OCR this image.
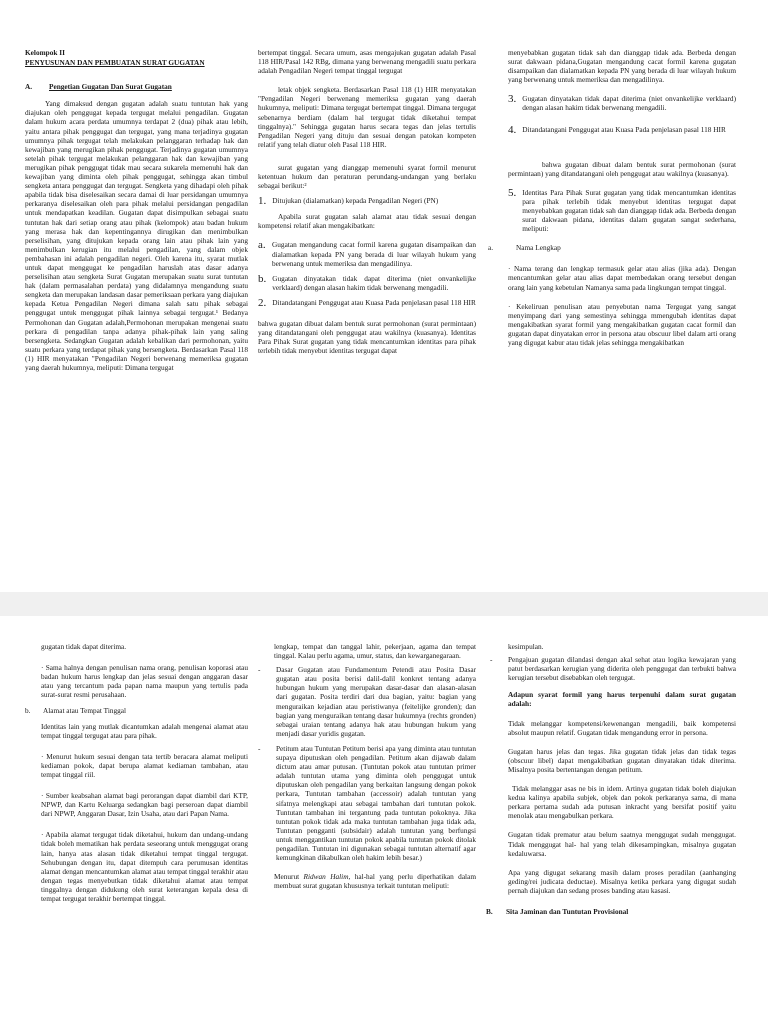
Kelompok II
PENYUSUNAN DAN PEMBUATAN SURAT GUGATAN
A. Pengetian Gugatan Dan Surat Gugatan

Yang dimaksud dengan gugatan adalah suatu tuntutan hak yang diajukan oleh penggugat kepada tergugat melalui pengadilan. Gugatan dalam hukum acara perdata umumnya terdapat 2 (dua) pihak atau lebih, yaitu antara pihak penggugat dan tergugat, yang mana terjadinya gugatan umumnya pihak tergugat telah melakukan pelanggaran terhadap hak dan kewajiban yang merugikan pihak penggugat. Terjadinya gugatan umumnya setelah pihak tergugat melakukan pelanggaran hak dan kewajiban yang merugikan pihak penggugat tidak mau secara sukarela memenuhi hak dan kewajiban yang diminta oleh pihak penggugat, sehingga akan timbul sengketa antara penggugat dan tergugat. Sengketa yang dihadapi oleh pihak apabila tidak bisa diselesaikan secara damai di luar persidangan umumnya perkaranya diselesaikan oleh para pihak melalui persidangan pengadilan untuk mendapatkan keadilan. Gugatan dapat disimpulkan sebagai suatu tuntutan hak dari setiap orang atau pihak (kelompok) atau badan hukum yang merasa hak dan kepentingannya dirugikan dan menimbulkan perselisihan, yang ditujukan kepada orang lain atau pihak lain yang menimbulkan kerugian itu melalui pengadilan, yang dalam objek pembahasan ini adalah pengadilan negeri. Oleh karena itu, syarat mutlak untuk dapat menggugat ke pengadilan haruslah atas dasar adanya perselisihan atau sengketa Surat Gugatan merupakan suatu surat tuntutan hak (dalam permasalahan perdata) yang didalamnya mengandung suatu sengketa dan merupakan landasan dasar pemeriksaan perkara yang diajukan kepada Ketua Pengadilan Negeri dimana salah satu pihak sebagai penggugat untuk menggugat pihak lainnya sebagai tergugat.¹ Bedanya Permohonan dan Gugatan adalah,Permohonan merupakan mengenai suatu perkara di pengadilan tanpa adanya pihak-pihak lain yang saling bersengketa. Sedangkan Gugatan adalah kebalikan dari permohonan, yaitu suatu perkara yang terdapat pihak yang bersengketa. Berdasarkan Pasal 118 (1) HIR menyatakan "Pengadilan Negeri berwenang memeriksa gugatan yang daerah hukumnya, meliputi: Dimana tergugat

bertempat tinggal. Secara umum, asas mengajukan gugatan adalah Pasal 118 HIR/Pasal 142 RBg, dimana yang berwenang mengadili suatu perkara adalah Pengadilan Negeri tempat tinggal tergugat

letak objek sengketa. Berdasarkan Pasal 118 (1) HIR menyatakan "Pengadilan Negeri berwenang memeriksa gugatan yang daerah hukumnya, meliputi: Dimana tergugat bertempat tinggal. Dimana tergugat sebenarnya berdiam (dalam hal tergugat tidak diketahui tempat tinggalnya)." Sehingga gugatan harus secara tegas dan jelas tertulis Pengadilan Negeri yang dituju dan sesuai dengan patokan kompeten relatif yang telah diatur oleh Pasal 118 HIR.

surat gugatan yang dianggap memenuhi syarat formil menurut ketentuan hukum dan peraturan perundang-undangan yang berlaku sebagai berikut:²

1. Ditujukan (dialamatkan) kepada Pengadilan Negeri (PN)

Apabila surat gugatan salah alamat atau tidak sesuai dengan kompetensi relatif akan mengakibatkan:

a. Gugatan mengandung cacat formil karena gugatan disampaikan dan dialamatkan kepada PN yang berada di luar wilayah hukum yang berwenang untuk memeriksa dan mengadilinya.
b. Gugatan dinyatakan tidak dapat diterima (niet onvankelijke verklaard) dengan alasan hakim tidak berwenang mengadili.
2. Ditandatangani Penggugat atau Kuasa Pada penjelasan pasal 118 HIR

bahwa gugatan dibuat dalam bentuk surat permohonan (surat permintaan) yang ditandatangani oleh penggugat atau wakilnya (kuasanya). Identitas Para Pihak Surat gugatan yang tidak mencantumkan identitas para pihak terlebih tidak menyebut identitas tergugat dapat

menyebabkan gugatan tidak sah dan dianggap tidak ada. Berbeda dengan surat dakwaan pidana,Gugatan mengandung cacat formil karena gugatan disampaikan dan dialamatkan kepada PN yang berada di luar wilayah hukum yang berwenang untuk memeriksa dan mengadilinya.

3. Gugatan dinyatakan tidak dapat diterima (niet onvankelijke verklaard) dengan alasan hakim tidak berwenang mengadili.
4. Ditandatangani Penggugat atau Kuasa Pada penjelasan pasal 118 HIR

bahwa gugatan dibuat dalam bentuk surat permohonan (surat permintaan) yang ditandatangani oleh penggugat atau wakilnya (kuasanya).

5. Identitas Para Pihak Surat gugatan yang tidak mencantumkan identitas para pihak terlebih tidak menyebut identitas tergugat dapat menyebabkan gugatan tidak sah dan dianggap tidak ada. Berbeda dengan surat dakwaan pidana, identitas dalam gugatan sangat sederhana, meliputi:
a.	Nama Lengkap

· Nama terang dan lengkap termasuk gelar atau alias (jika ada). Dengan mencantumkan gelar atau alias dapat membedakan orang tersebut dengan orang lain yang kebetulan Namanya sama pada lingkungan tempat tinggal.

· Kekeliruan penulisan atau penyebutan nama Tergugat yang sangat menyimpang dari yang semestinya sehingga mmengubah identitas dapat mengakibatkan syarat formil yang mengakibatkan gugatan cacat formil dan gugatan dapat dinyatakan error in persona atau obscuur libel dalam arti orang yang digugat kabur atau tidak jelas sehingga mengakibatkan

gugatan tidak dapat diterima.

· Sama halnya dengan penulisan nama orang, penulisan koporasi atau badan hukum harus lengkap dan jelas sesuai dengan anggaran dasar atau yang tercantum pada papan nama maupun yang tertulis pada surat-surat resmi perusahaan.

b.	Alamat atau Tempat Tinggal

Identitas lain yang mutlak dicantumkan adalah mengenai alamat atau tempat tinggal tergugat atau para pihak.

· Menurut hukum sesuai dengan tata tertib beracara alamat meliputi kediaman pokok, dapat berupa alamat kediaman tambahan, atau tempat tinggal riil.

· Sumber keabsahan alamat bagi perorangan dapat diambil dari KTP, NPWP, dan Kartu Keluarga sedangkan bagi perseroan dapat diambil dari NPWP, Anggaran Dasar, Izin Usaha, atau dari Papan Nama.

· Apabila alamat tergugat tidak diketahui, hukum dan undang-undang tidak boleh mematikan hak perdata seseorang untuk menggugat orang lain, hanya atas alasan tidak diketahui tempat tinggal tergugat. Sehubungan dengan itu, dapat ditempuh cara perumusan identitas alamat dengan mencantumkan alamat atau tempat tinggal terakhir atau dengan tegas menyebutkan tidak diketahui alamat atau tempat tinggalnya dengan didukung oleh surat keterangan kepala desa di tempat tergugat terakhir bertempat tinggal.

lengkap, tempat dan tanggal lahir, pekerjaan, agama dan tempat tinggal. Kalau perlu agama, umur, status, dan kewarganegaraan.

-	Dasar Gugatan atau Fundamentum Petendi atau Posita Dasar gugatan atau posita berisi dalil-dalil konkret tentang adanya hubungan hukum yang merupakan dasar-dasar dan alasan-alasan dari gugatan. Posita terdiri dari dua bagian, yaitu: bagian yang menguraikan kejadian atau peristiwanya (feitelijke gronden); dan bagian yang menguraikan tentang dasar hukumnya (rechts gronden) sebagai uraian tentang adanya hak atau hubungan hukum yang menjadi dasar yuridis gugatan.
-	Petitum atau Tuntutan Petitum berisi apa yang diminta atau tuntutan supaya diputuskan oleh pengadilan. Petitum akan dijawab dalam dictum atau amar putusan. (Tuntutan pokok atau tuntutan primer adalah tuntutan utama yang diminta oleh penggugat untuk diputuskan oleh pengadilan yang berkaitan langsung dengan pokok perkara, Tuntutan tambahan (accessoir) adalah tuntutan yang sifatnya melengkapi atau sebagai tambahan dari tuntutan pokok. Tuntutan tambahan ini tergantung pada tuntutan pokoknya. Jika tuntutan pokok tidak ada maka tuntutan tambahan juga tidak ada, Tuntutan pengganti (subsidair) adalah tuntutan yang berfungsi untuk menggantikan tuntutan pokok apabila tuntutan pokok ditolak pengadilan. Tuntutan ini digunakan sebagai tuntutan alternatif agar kemungkinan dikabulkan oleh hakim lebih besar.)

Menurut Ridwan Halim, hal-hal yang perlu diperhatikan dalam membuat surat gugatan khususnya terkait tuntutan meliputi:

kesimpulan.

-	Pengajuan gugatan dilandasi dengan akal sehat atau logika kewajaran yang patut berdasarkan kerugian yang diderita oleh penggugat dan terbukti bahwa kerugian tersebut disebabkan oleh tergugat.

Adapun syarat formil yang harus terpenuhi dalam surat gugatan adalah:

Tidak melanggar kompetensi/kewenangan mengadili, baik kompetensi absolut maupun relatif. Gugatan tidak mengandung error in persona.

Gugatan harus jelas dan tegas. Jika gugatan tidak jelas dan tidak tegas (obscuur libel) dapat mengakibatkan gugatan dinyatakan tidak diterima. Misalnya posita bertentangan dengan petitum.

Tidak melanggar asas ne bis in idem. Artinya gugatan tidak boleh diajukan kedua kalinya apabila subjek, objek dan pokok perkaranya sama, di mana perkara pertama sudah ada putusan inkracht yang bersifat positif yaitu menolak atau mengabulkan perkara.

Gugatan tidak prematur atau belum saatnya menggugat sudah menggugat. Tidak menggugat hal- hal yang telah dikesampingkan, misalnya gugatan kedaluwarsa.

Apa yang digugat sekarang masih dalam proses peradilan (aanhanging geding/rei judicata deductae). Misalnya ketika perkara yang digugat sudah pernah diajukan dan sedang proses banding atau kasasi.

B. Sita Jaminan dan Tuntutan Provisional
